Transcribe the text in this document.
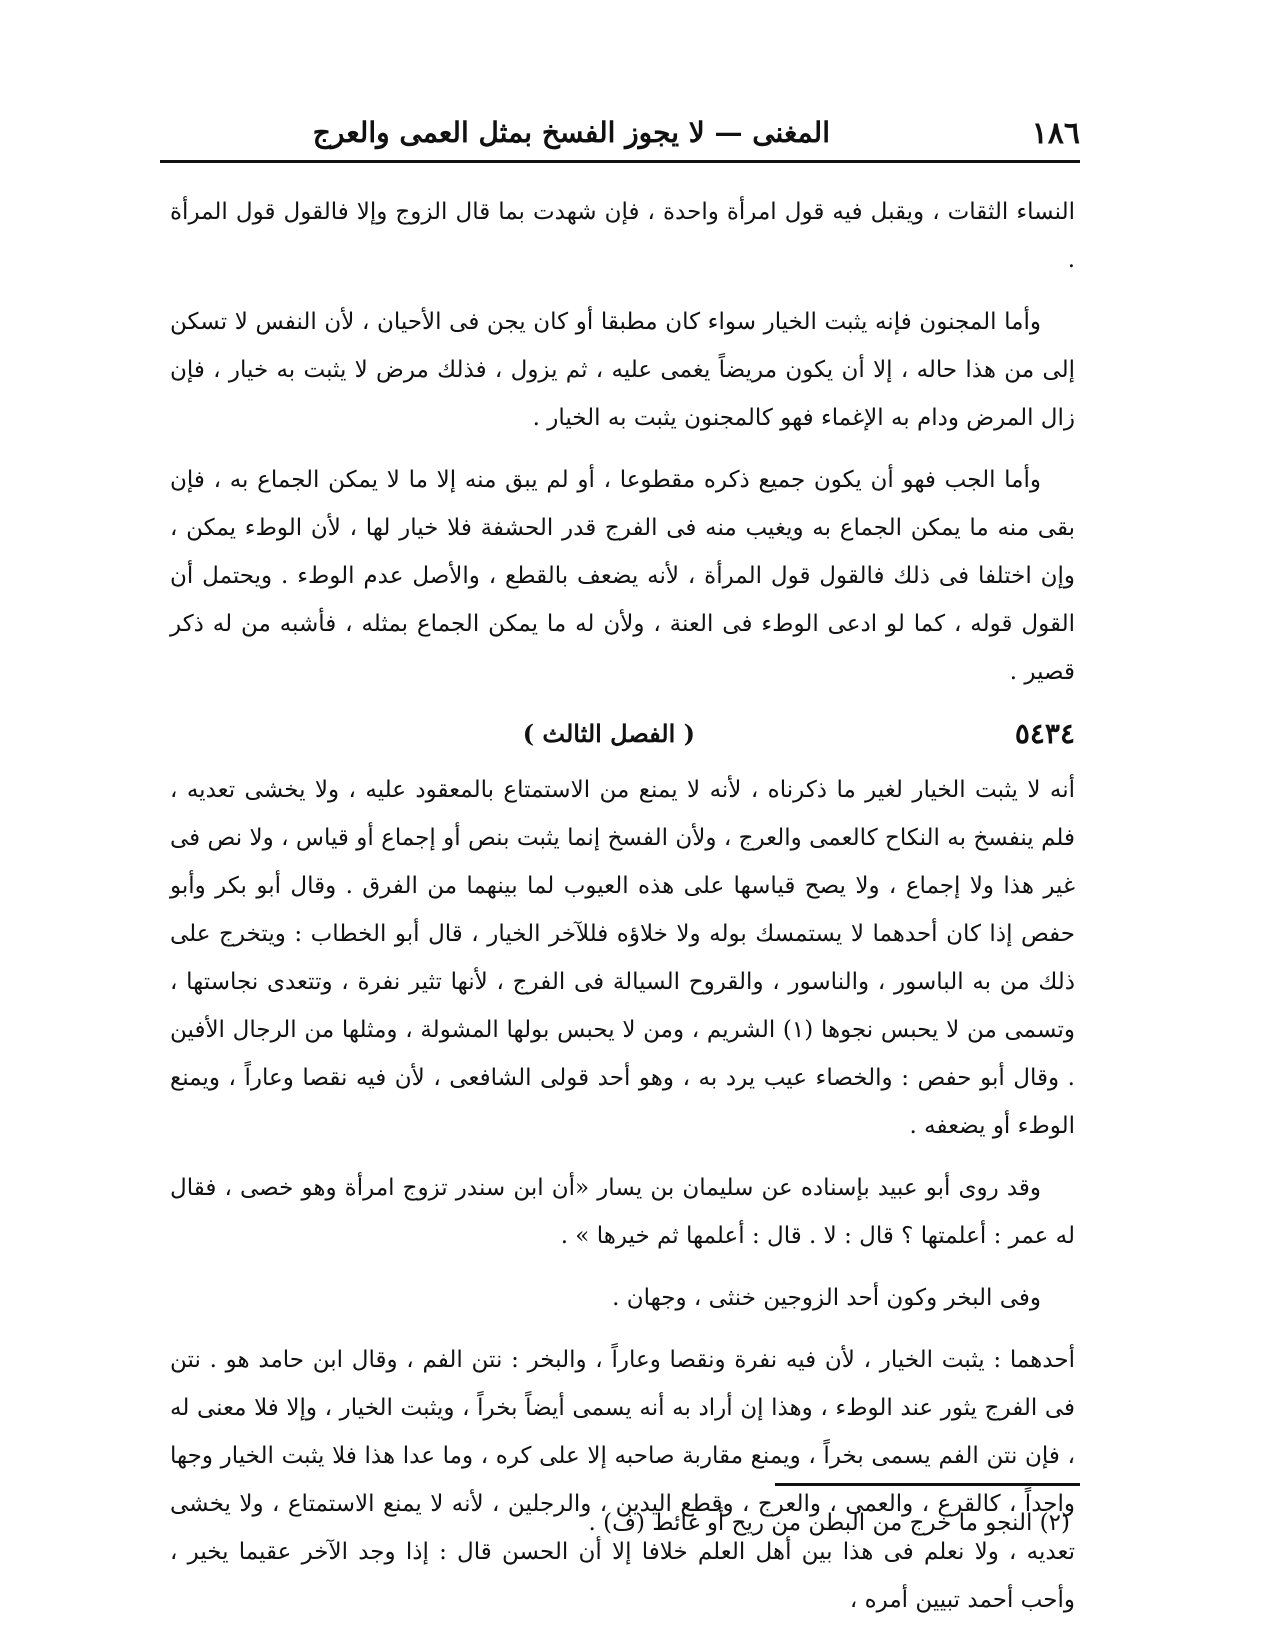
١٨٦
المغنى — لا يجوز الفسخ بمثل العمى والعرج

النساء الثقات ، ويقبل فيه قول امرأة واحدة ، فإن شهدت بما قال الزوج وإلا فالقول قول المرأة .

وأما المجنون فإنه يثبت الخيار سواء كان مطبقا أو كان يجن فى الأحيان ، لأن النفس لا تسكن إلى من هذا حاله ، إلا أن يكون مريضاً يغمى عليه ، ثم يزول ، فذلك مرض لا يثبت به خيار ، فإن زال المرض ودام به الإغماء فهو كالمجنون يثبت به الخيار .

وأما الجب فهو أن يكون جميع ذكره مقطوعا ، أو لم يبق منه إلا ما لا يمكن الجماع به ، فإن بقى منه ما يمكن الجماع به ويغيب منه فى الفرج قدر الحشفة فلا خيار لها ، لأن الوطء يمكن ، وإن اختلفا فى ذلك فالقول قول المرأة ، لأنه يضعف بالقطع ، والأصل عدم الوطء . ويحتمل أن القول قوله ، كما لو ادعى الوطء فى العنة ، ولأن له ما يمكن الجماع بمثله ، فأشبه من له ذكر قصير .

٥٤٣٤
( الفصل الثالث )

أنه لا يثبت الخيار لغير ما ذكرناه ، لأنه لا يمنع من الاستمتاع بالمعقود عليه ، ولا يخشى تعديه ، فلم ينفسخ به النكاح كالعمى والعرج ، ولأن الفسخ إنما يثبت بنص أو إجماع أو قياس ، ولا نص فى غير هذا ولا إجماع ، ولا يصح قياسها على هذه العيوب لما بينهما من الفرق . وقال أبو بكر وأبو حفص إذا كان أحدهما لا يستمسك بوله ولا خلاؤه فللآخر الخيار ، قال أبو الخطاب : ويتخرج على ذلك من به الباسور ، والناسور ، والقروح السيالة فى الفرج ، لأنها تثير نفرة ، وتتعدى نجاستها ، وتسمى من لا يحبس نجوها (١) الشريم ، ومن لا يحبس بولها المشولة ، ومثلها من الرجال الأفين . وقال أبو حفص : والخصاء عيب يرد به ، وهو أحد قولى الشافعى ، لأن فيه نقصا وعاراً ، ويمنع الوطء أو يضعفه .

وقد روى أبو عبيد بإسناده عن سليمان بن يسار «أن ابن سندر تزوج امرأة وهو خصى ، فقال له عمر : أعلمتها ؟ قال : لا . قال : أعلمها ثم خيرها » .

وفى البخر وكون أحد الزوجين خنثى ، وجهان .

أحدهما : يثبت الخيار ، لأن فيه نفرة ونقصا وعاراً ، والبخر : نتن الفم ، وقال ابن حامد هو . نتن فى الفرج يثور عند الوطء ، وهذا إن أراد به أنه يسمى أيضاً بخراً ، ويثبت الخيار ، وإلا فلا معنى له ، فإن نتن الفم يسمى بخراً ، ويمنع مقاربة صاحبه إلا على كره ، وما عدا هذا فلا يثبت الخيار وجها واحداً ، كالقرع ، والعمى ، والعرج ، وقطع اليدين ، والرجلين ، لأنه لا يمنع الاستمتاع ، ولا يخشى تعديه ، ولا نعلم فى هذا بين أهل العلم خلافا إلا أن الحسن قال : إذا وجد الآخر عقيما يخير ، وأحب أحمد تبيين أمره ،

(٢) النجو ما خرج من البطن من ريح أو غائط (ف) .
